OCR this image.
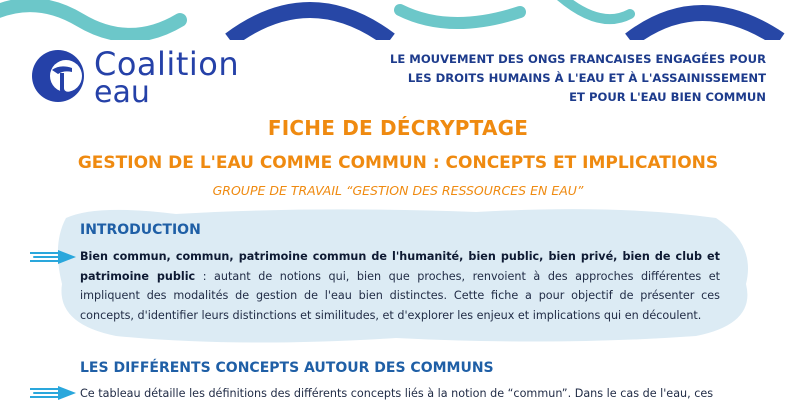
Coalition
eau
LE MOUVEMENT DES ONGS FRANCAISES ENGAGÉES POUR
LES DROITS HUMAINS À L'EAU ET À L'ASSAINISSEMENT
ET POUR L'EAU BIEN COMMUN
FICHE DE DÉCRYPTAGE
GESTION DE L'EAU COMME COMMUN : CONCEPTS ET IMPLICATIONS
GROUPE DE TRAVAIL “GESTION DES RESSOURCES EN EAU”
INTRODUCTION
Bien commun, commun, patrimoine commun de l'humanité, bien public, bien privé, bien de club et patrimoine public : autant de notions qui, bien que proches, renvoient à des approches différentes et impliquent des modalités de gestion de l'eau bien distinctes. Cette fiche a pour objectif de présenter ces concepts, d'identifier leurs distinctions et similitudes, et d'explorer les enjeux et implications qui en découlent.
LES DIFFÉRENTS CONCEPTS AUTOUR DES COMMUNS
Ce tableau détaille les définitions des différents concepts liés à la notion de “commun”. Dans le cas de l'eau, ces
